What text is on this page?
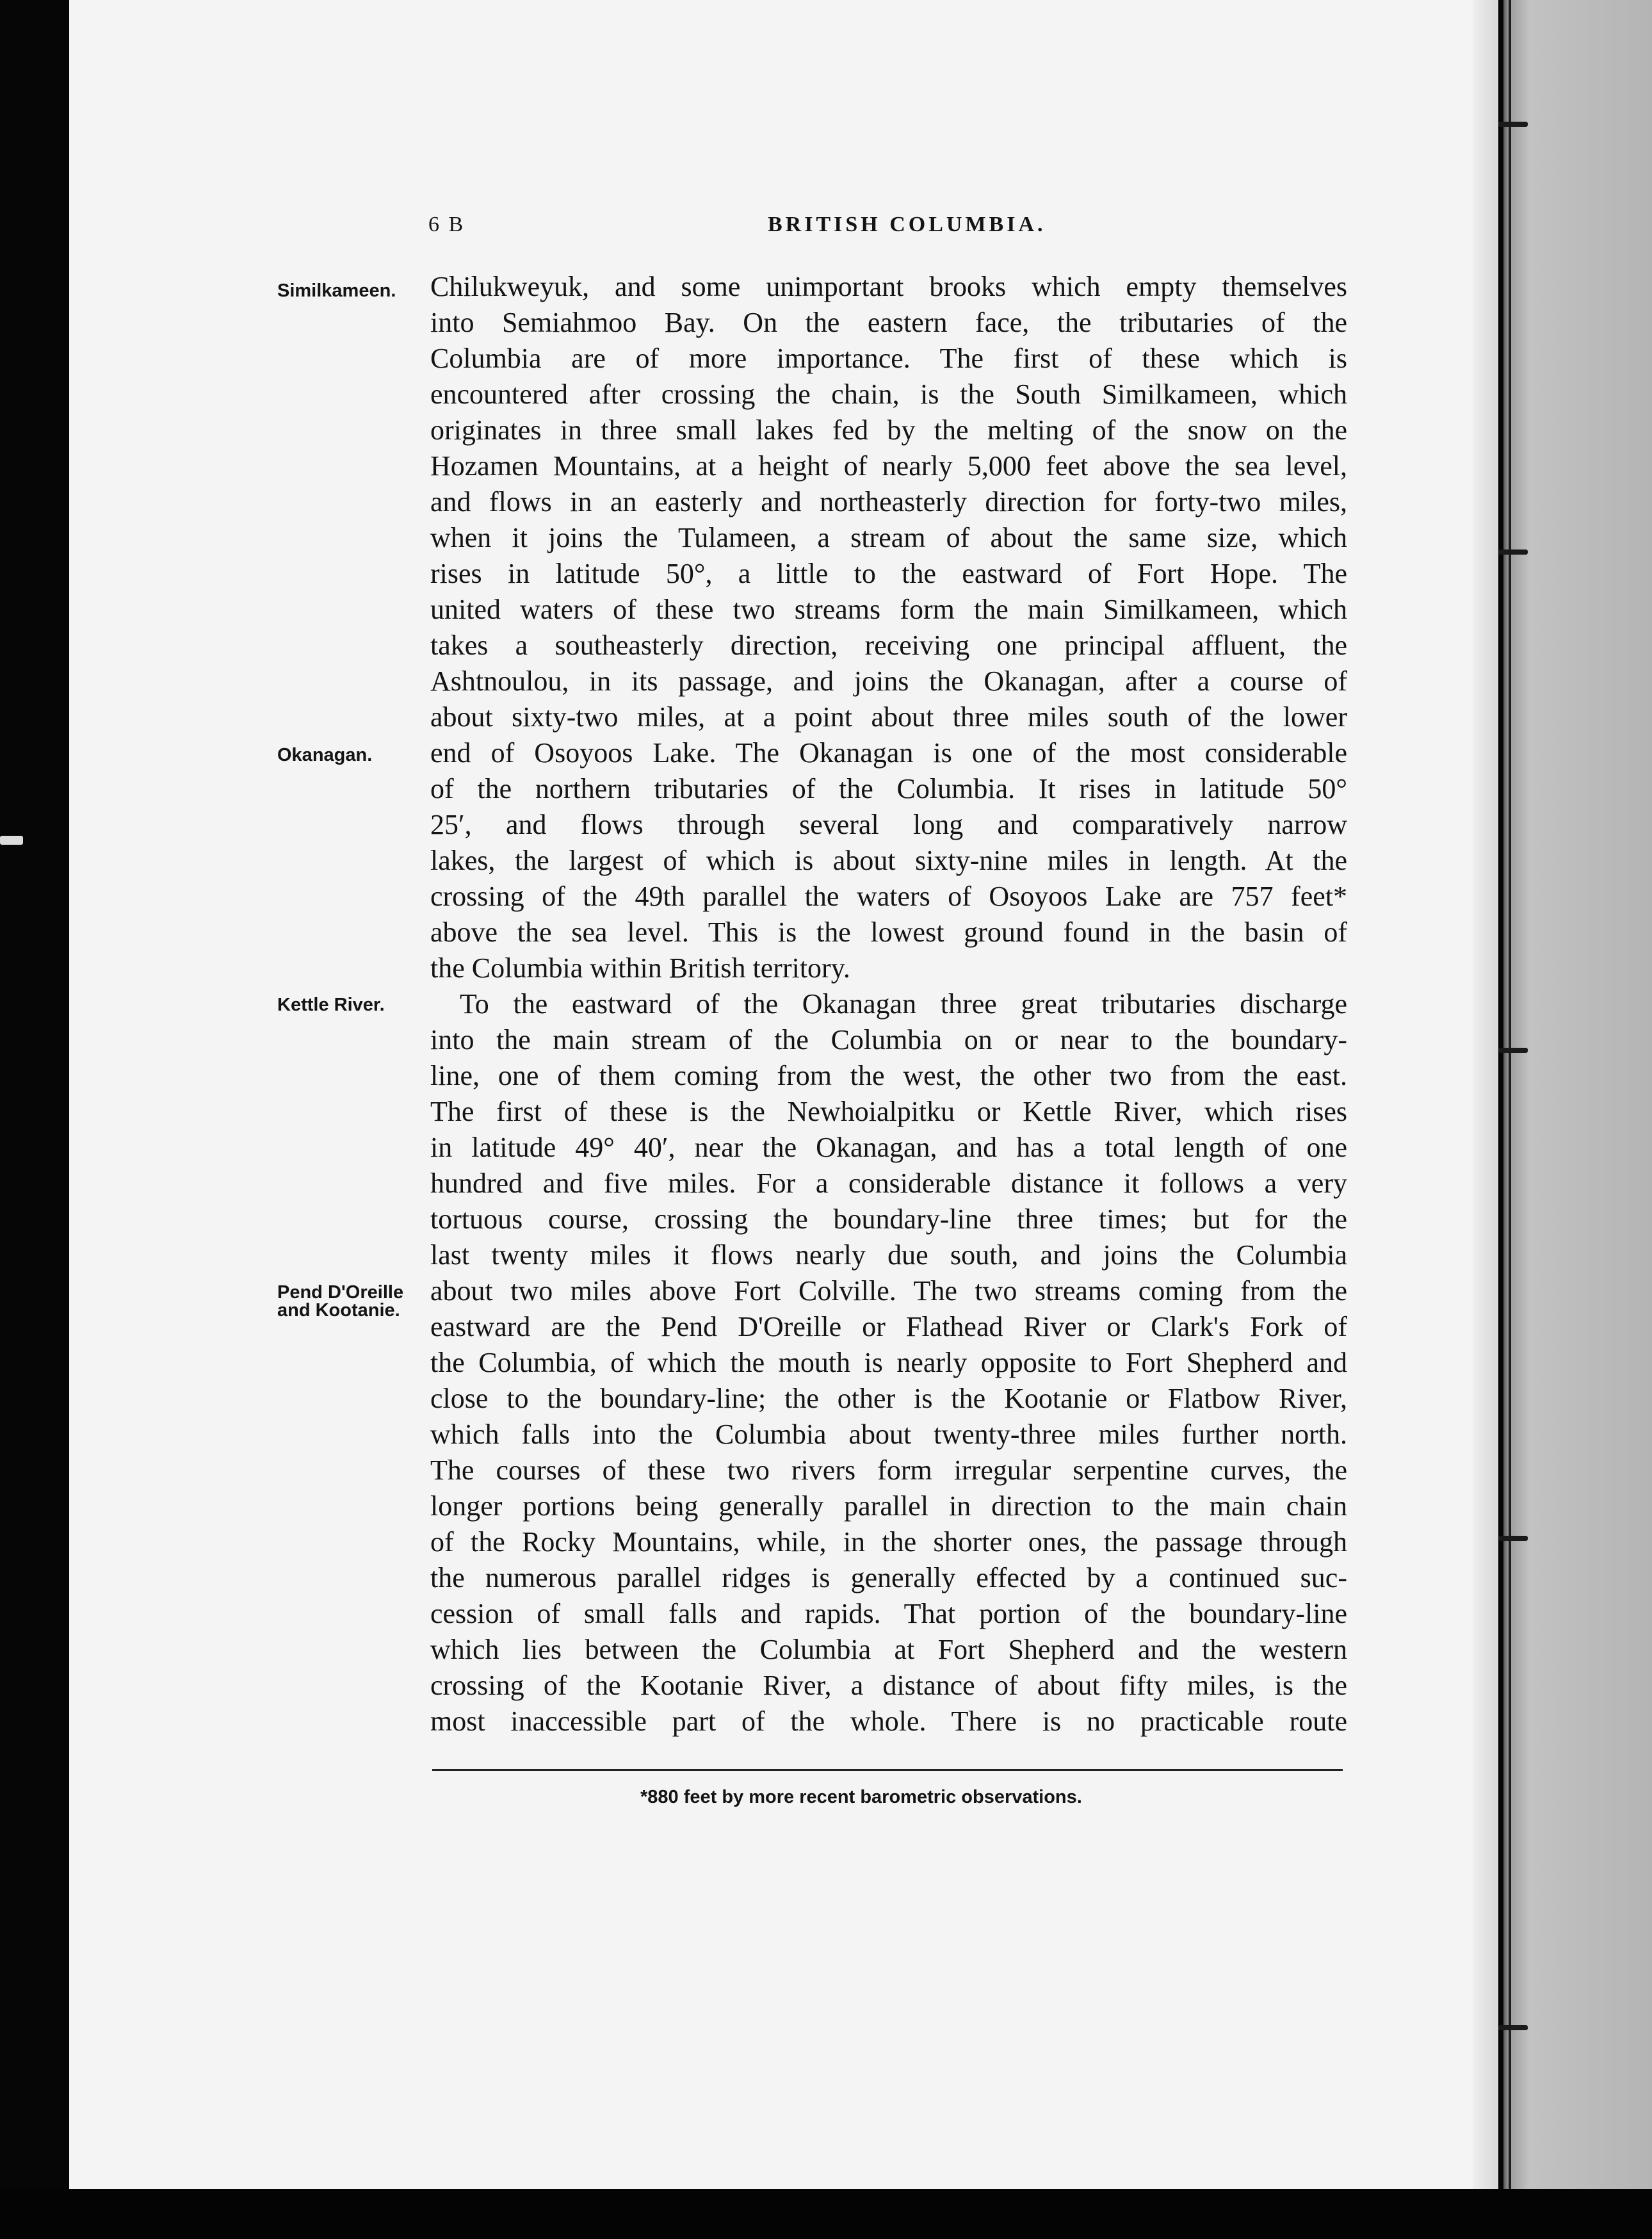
6 B	BRITISH COLUMBIA.
Similkameen.
Okanagan.
Kettle River.
Pend D'Oreille
and Kootanie.
Chilukweyuk, and some unimportant brooks which empty themselves
into Semiahmoo Bay. On the eastern face, the tributaries of the
Columbia are of more importance. The first of these which is
encountered after crossing the chain, is the South Similkameen, which
originates in three small lakes fed by the melting of the snow on the
Hozamen Mountains, at a height of nearly 5,000 feet above the sea level,
and flows in an easterly and northeasterly direction for forty-two miles,
when it joins the Tulameen, a stream of about the same size, which
rises in latitude 50°, a little to the eastward of Fort Hope. The
united waters of these two streams form the main Similkameen, which
takes a southeasterly direction, receiving one principal affluent, the
Ashtnoulou, in its passage, and joins the Okanagan, after a course of
about sixty-two miles, at a point about three miles south of the lower
end of Osoyoos Lake. The Okanagan is one of the most considerable
of the northern tributaries of the Columbia. It rises in latitude 50°
25′, and flows through several long and comparatively narrow
lakes, the largest of which is about sixty-nine miles in length. At the
crossing of the 49th parallel the waters of Osoyoos Lake are 757 feet*
above the sea level. This is the lowest ground found in the basin of
the Columbia within British territory.
To the eastward of the Okanagan three great tributaries discharge
into the main stream of the Columbia on or near to the boundary-
line, one of them coming from the west, the other two from the east.
The first of these is the Newhoialpitku or Kettle River, which rises
in latitude 49° 40′, near the Okanagan, and has a total length of one
hundred and five miles. For a considerable distance it follows a very
tortuous course, crossing the boundary-line three times; but for the
last twenty miles it flows nearly due south, and joins the Columbia
about two miles above Fort Colville. The two streams coming from the
eastward are the Pend D'Oreille or Flathead River or Clark's Fork of
the Columbia, of which the mouth is nearly opposite to Fort Shepherd and
close to the boundary-line; the other is the Kootanie or Flatbow River,
which falls into the Columbia about twenty-three miles further north.
The courses of these two rivers form irregular serpentine curves, the
longer portions being generally parallel in direction to the main chain
of the Rocky Mountains, while, in the shorter ones, the passage through
the numerous parallel ridges is generally effected by a continued suc-
cession of small falls and rapids. That portion of the boundary-line
which lies between the Columbia at Fort Shepherd and the western
crossing of the Kootanie River, a distance of about fifty miles, is the
most inaccessible part of the whole. There is no practicable route
*880 feet by more recent barometric observations.
